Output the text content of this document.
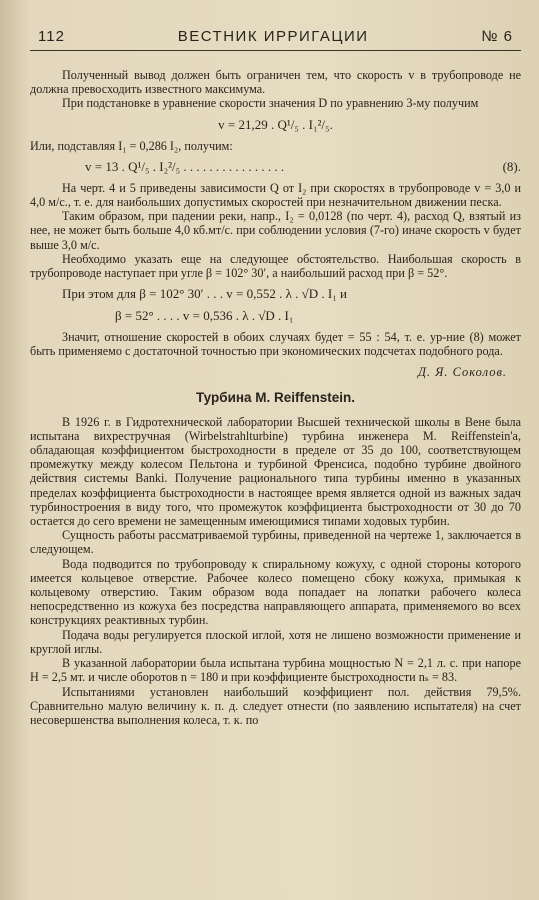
112	ВЕСТНИК ИРРИГАЦИИ	№ 6

Полученный вывод должен быть ограничен тем, что скорость v в трубопроводе не должна превосходить известного максимума.

При подстановке в уравнение скорости значения D по уравнению 3-му получим

v = 21,29 . Q¹/₅ . I₁²/₅.

Или, подставляя I₁ = 0,286 I₂, получим:

(8).
v = 13 . Q¹/₅ . I₂²/₅ . . . . . . . . . . . . . . . .

На черт. 4 и 5 приведены зависимости Q от I₂ при скоростях в трубопроводе v = 3,0 и 4,0 м/с., т. е. для наибольших допустимых скоростей при незначительном движении песка.

Таким образом, при падении реки, напр., I₂ = 0,0128 (по черт. 4), расход Q, взятый из нее, не может быть больше 4,0 кб.мт/с. при соблюдении условия (7-го) иначе скорость v будет выше 3,0 м/с.

Необходимо указать еще на следующее обстоятельство. Наибольшая скорость в трубопроводе наступает при угле β = 102° 30′, а наибольший расход при β = 52°.

При этом для β = 102° 30′ . . . v = 0,552 . λ . √D . I₁ и
β = 52° . . . . v = 0,536 . λ . √D . I₁

Значит, отношение скоростей в обоих случаях будет = 55 : 54, т. е. ур-ние (8) может быть применяемо с достаточной точностью при экономических подсчетах подобного рода.

Д. Я. Соколов.
Турбина M. Reiffenstein.

В 1926 г. в Гидротехнической лаборатории Высшей технической школы в Вене была испытана вихрестручная (Wirbelstrahlturbine) турбина инженера M. Reiffenstein'а, обладающая коэффициентом быстроходности в пределе от 35 до 100, соответствующем промежутку между колесом Пельтона и турбиной Френсиса, подобно турбине двойного действия системы Banki. Получение рационального типа турбины именно в указанных пределах коэффициента быстроходности в настоящее время является одной из важных задач турбиностроения в виду того, что промежуток коэффициента быстроходности от 30 до 70 остается до сего времени не замещенным имеющимися типами ходовых турбин.

Сущность работы рассматриваемой турбины, приведенной на чертеже 1, заключается в следующем.

Вода подводится по трубопроводу к спиральному кожуху, с одной стороны которого имеется кольцевое отверстие. Рабочее колесо помещено сбоку кожуха, примыкая к кольцевому отверстию. Таким образом вода попадает на лопатки рабочего колеса непосредственно из кожуха без посредства направляющего аппарата, применяемого во всех конструкциях реактивных турбин.

Подача воды регулируется плоской иглой, хотя не лишено возможности применение и круглой иглы.

В указанной лаборатории была испытана турбина мощностью N = 2,1 л. с. при напоре H = 2,5 мт. и числе оборотов n = 180 и при коэффициенте быстроходности nₛ = 83.

Испытаниями установлен наибольший коэффициент пол. действия 79,5%. Сравнительно малую величину к. п. д. следует отнести (по заявлению испытателя) на счет несовершенства выполнения колеса, т. к. по
